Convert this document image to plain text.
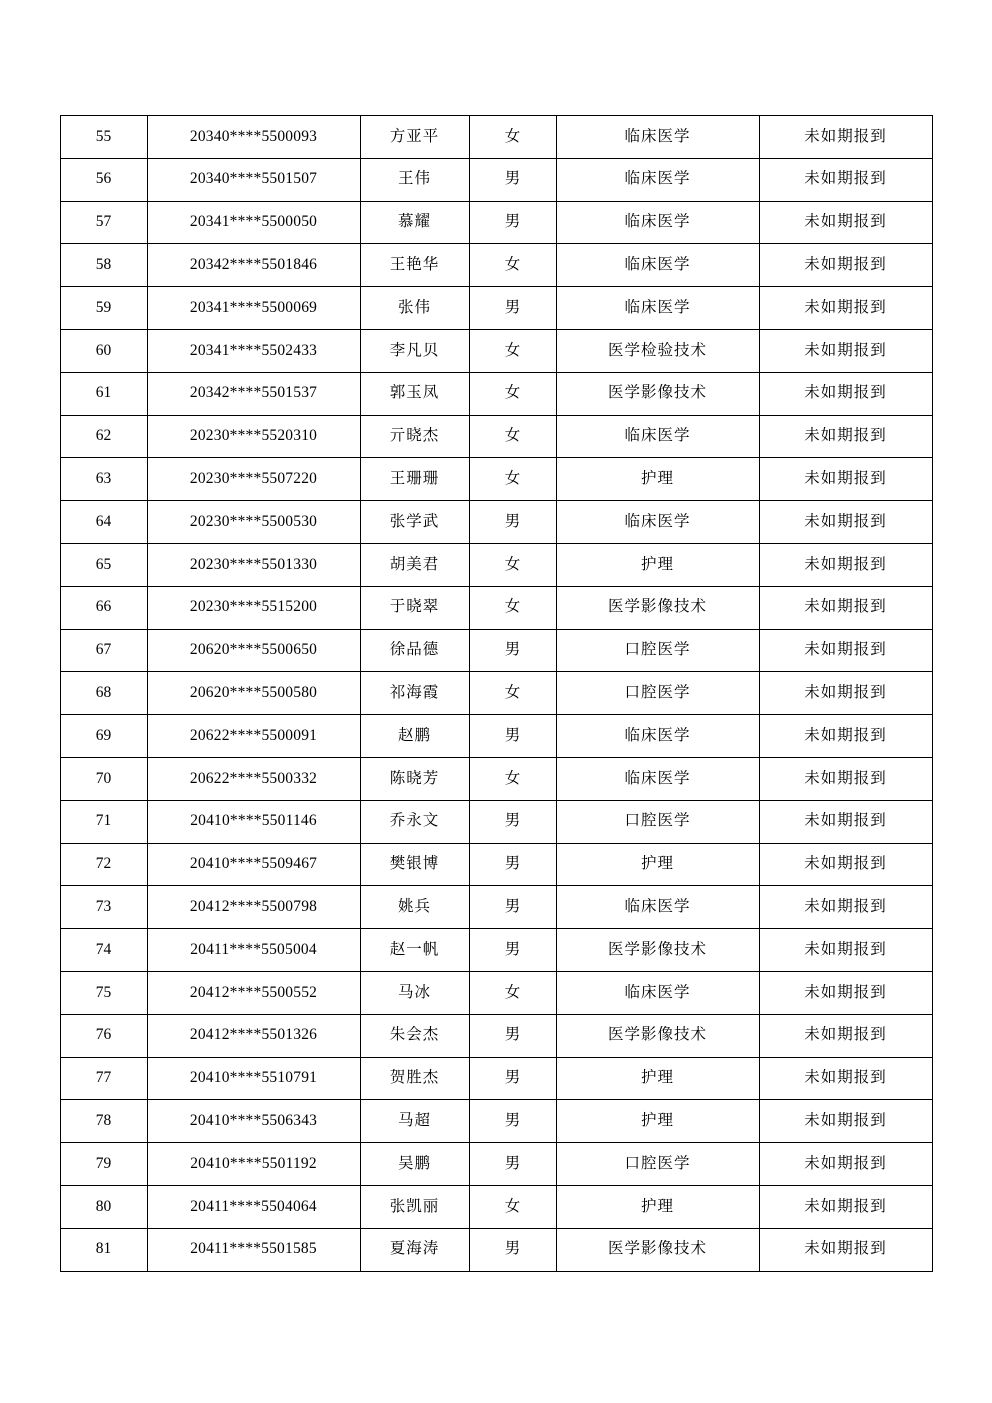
55	20340****5500093	方亚平	女	临床医学	未如期报到
56	20340****5501507	王伟	男	临床医学	未如期报到
57	20341****5500050	慕耀	男	临床医学	未如期报到
58	20342****5501846	王艳华	女	临床医学	未如期报到
59	20341****5500069	张伟	男	临床医学	未如期报到
60	20341****5502433	李凡贝	女	医学检验技术	未如期报到
61	20342****5501537	郭玉凤	女	医学影像技术	未如期报到
62	20230****5520310	亓晓杰	女	临床医学	未如期报到
63	20230****5507220	王珊珊	女	护理	未如期报到
64	20230****5500530	张学武	男	临床医学	未如期报到
65	20230****5501330	胡美君	女	护理	未如期报到
66	20230****5515200	于晓翠	女	医学影像技术	未如期报到
67	20620****5500650	徐品德	男	口腔医学	未如期报到
68	20620****5500580	祁海霞	女	口腔医学	未如期报到
69	20622****5500091	赵鹏	男	临床医学	未如期报到
70	20622****5500332	陈晓芳	女	临床医学	未如期报到
71	20410****5501146	乔永文	男	口腔医学	未如期报到
72	20410****5509467	樊银博	男	护理	未如期报到
73	20412****5500798	姚兵	男	临床医学	未如期报到
74	20411****5505004	赵一帆	男	医学影像技术	未如期报到
75	20412****5500552	马冰	女	临床医学	未如期报到
76	20412****5501326	朱会杰	男	医学影像技术	未如期报到
77	20410****5510791	贺胜杰	男	护理	未如期报到
78	20410****5506343	马超	男	护理	未如期报到
79	20410****5501192	吴鹏	男	口腔医学	未如期报到
80	20411****5504064	张凯丽	女	护理	未如期报到
81	20411****5501585	夏海涛	男	医学影像技术	未如期报到
